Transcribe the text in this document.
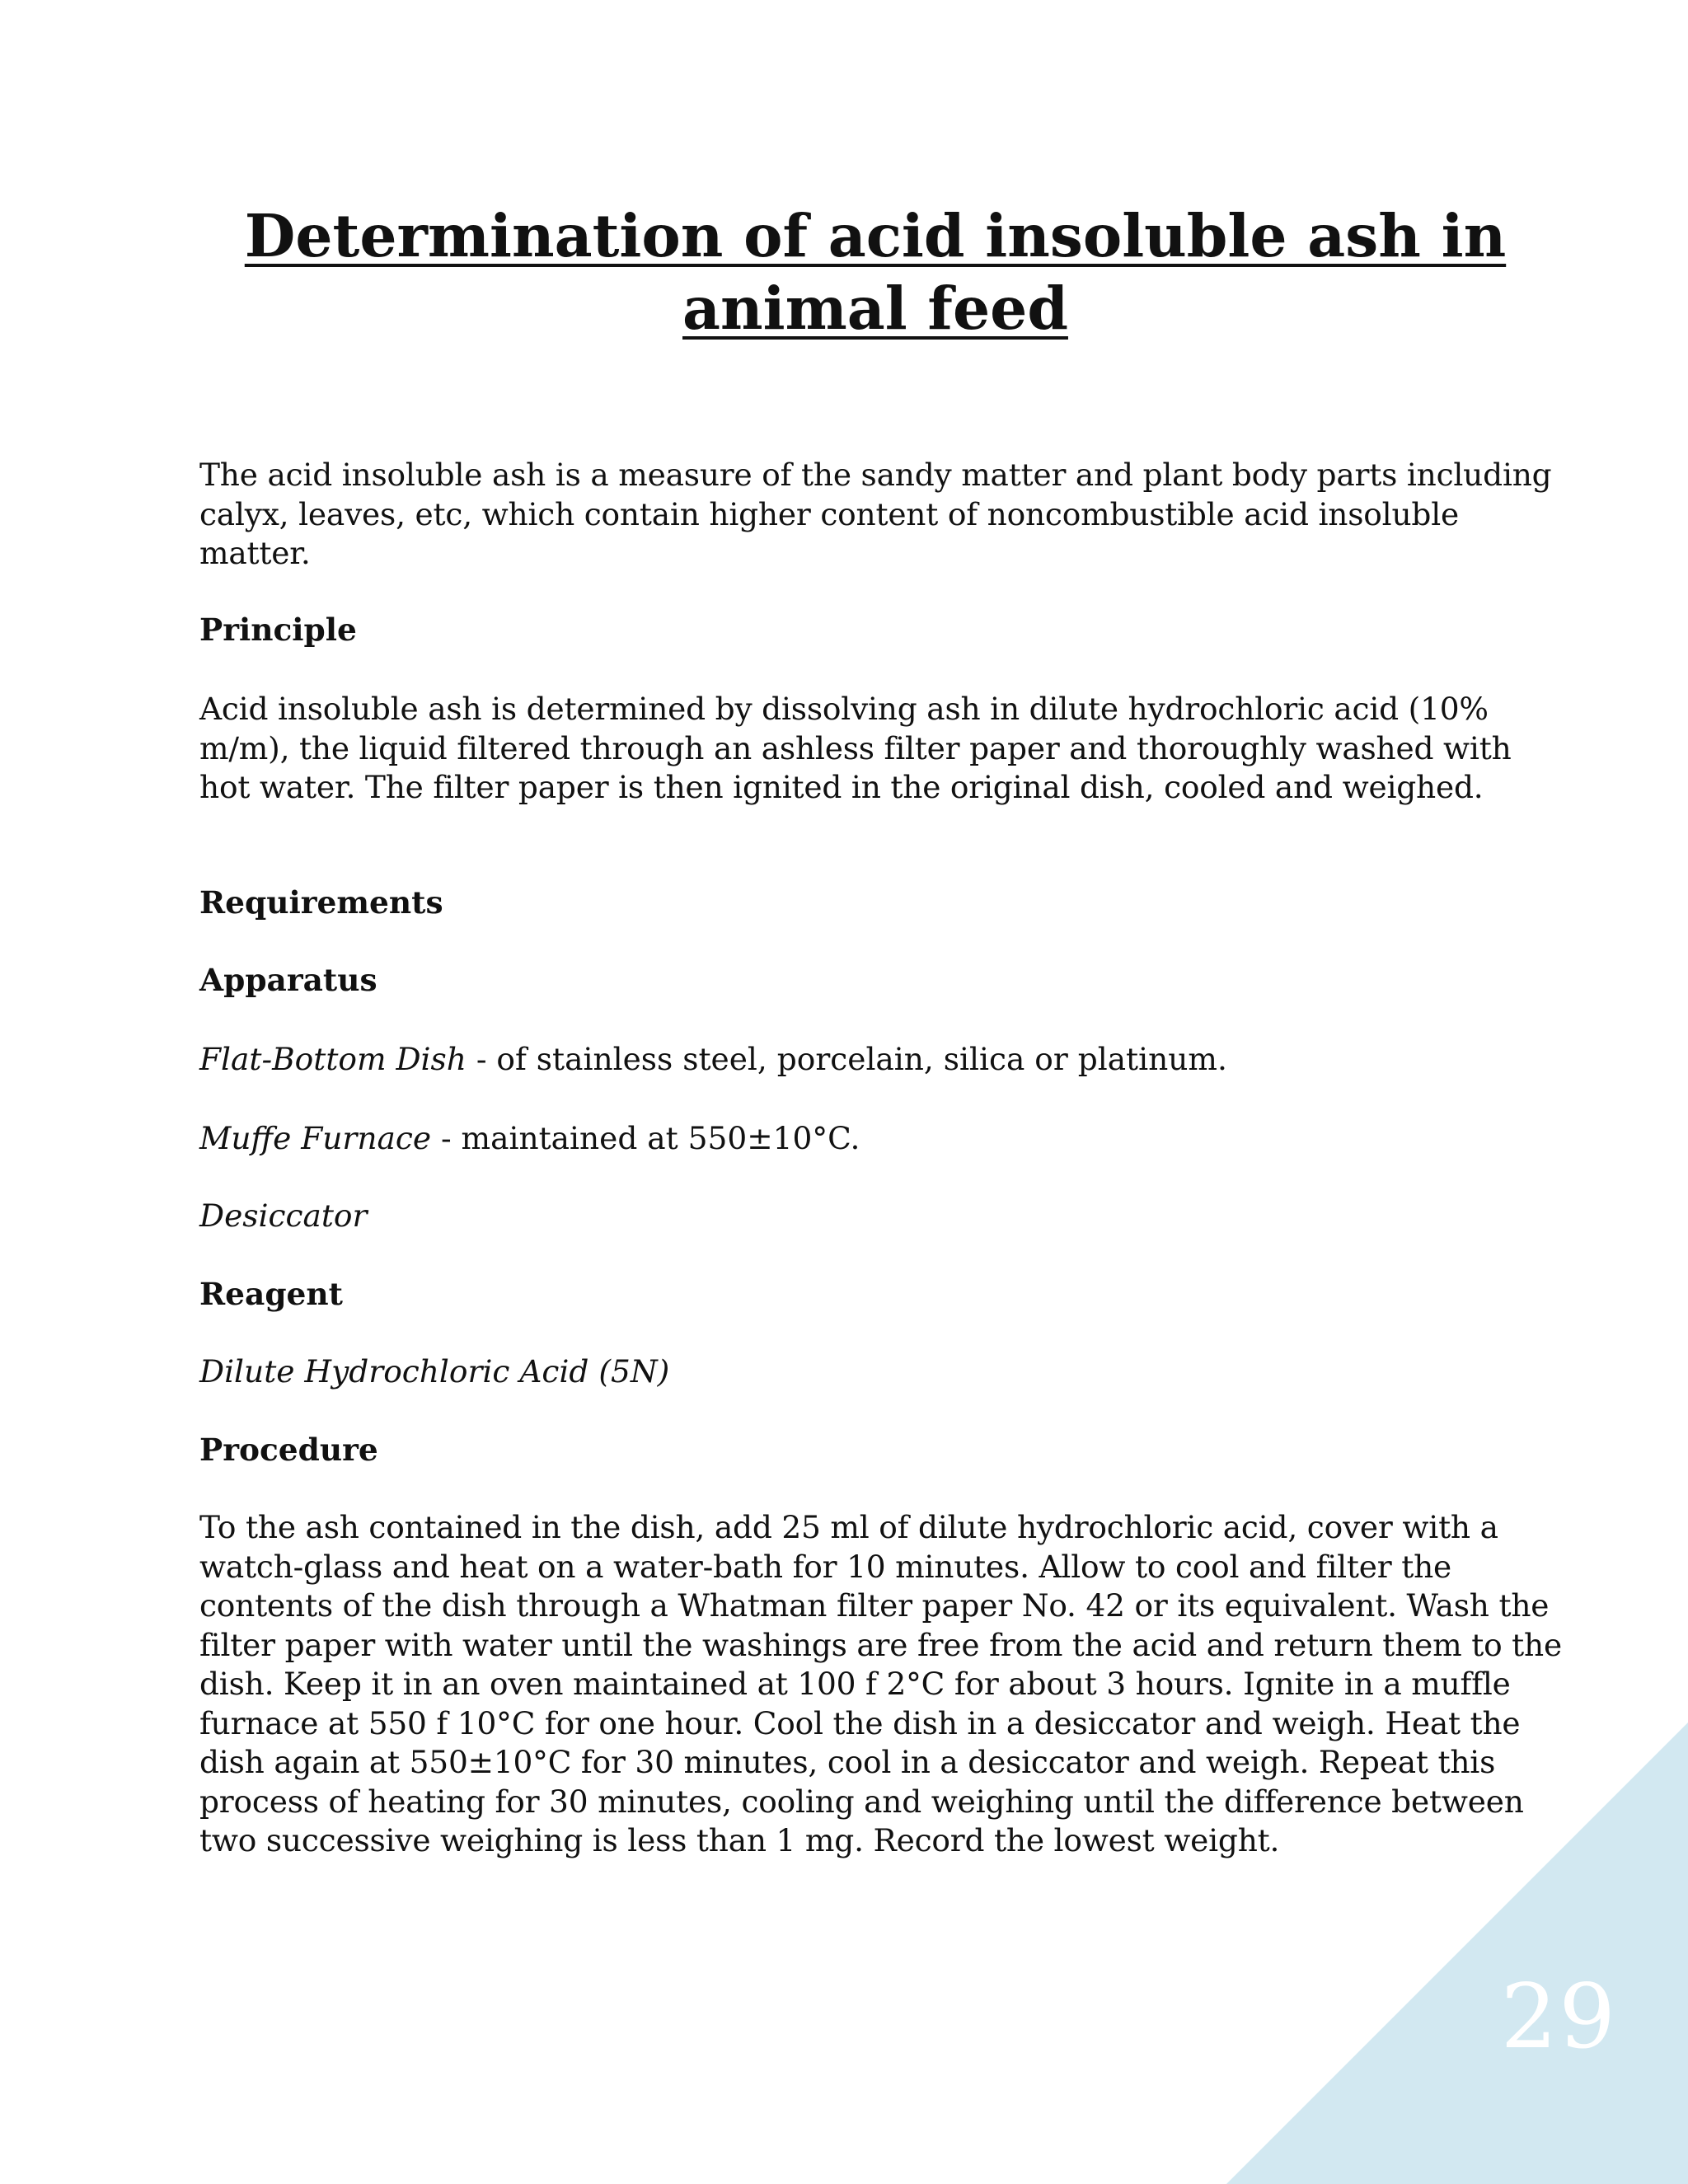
Determination of acid insoluble ash in animal feed

The acid insoluble ash is a measure of the sandy matter and plant body parts including calyx, leaves, etc, which contain higher content of noncombustible acid insoluble matter.

Principle

Acid insoluble ash is determined by dissolving ash in dilute hydrochloric acid (10% m/m), the liquid filtered through an ashless filter paper and thoroughly washed with hot water. The filter paper is then ignited in the original dish, cooled and weighed.

Requirements

Apparatus

Flat-Bottom Dish - of stainless steel, porcelain, silica or platinum.

Muffe Furnace - maintained at 550±10°C.

Desiccator

Reagent

Dilute Hydrochloric Acid (5N)

Procedure

To the ash contained in the dish, add 25 ml of dilute hydrochloric acid, cover with a watch-glass and heat on a water-bath for 10 minutes. Allow to cool and filter the contents of the dish through a Whatman filter paper No. 42 or its equivalent. Wash the filter paper with water until the washings are free from the acid and return them to the dish. Keep it in an oven maintained at 100 f 2°C for about 3 hours. Ignite in a muffle furnace at 550 f 10°C for one hour. Cool the dish in a desiccator and weigh. Heat the dish again at 550±10°C for 30 minutes, cool in a desiccator and weigh. Repeat this process of heating for 30 minutes, cooling and weighing until the difference between two successive weighing is less than 1 mg. Record the lowest weight.

29
